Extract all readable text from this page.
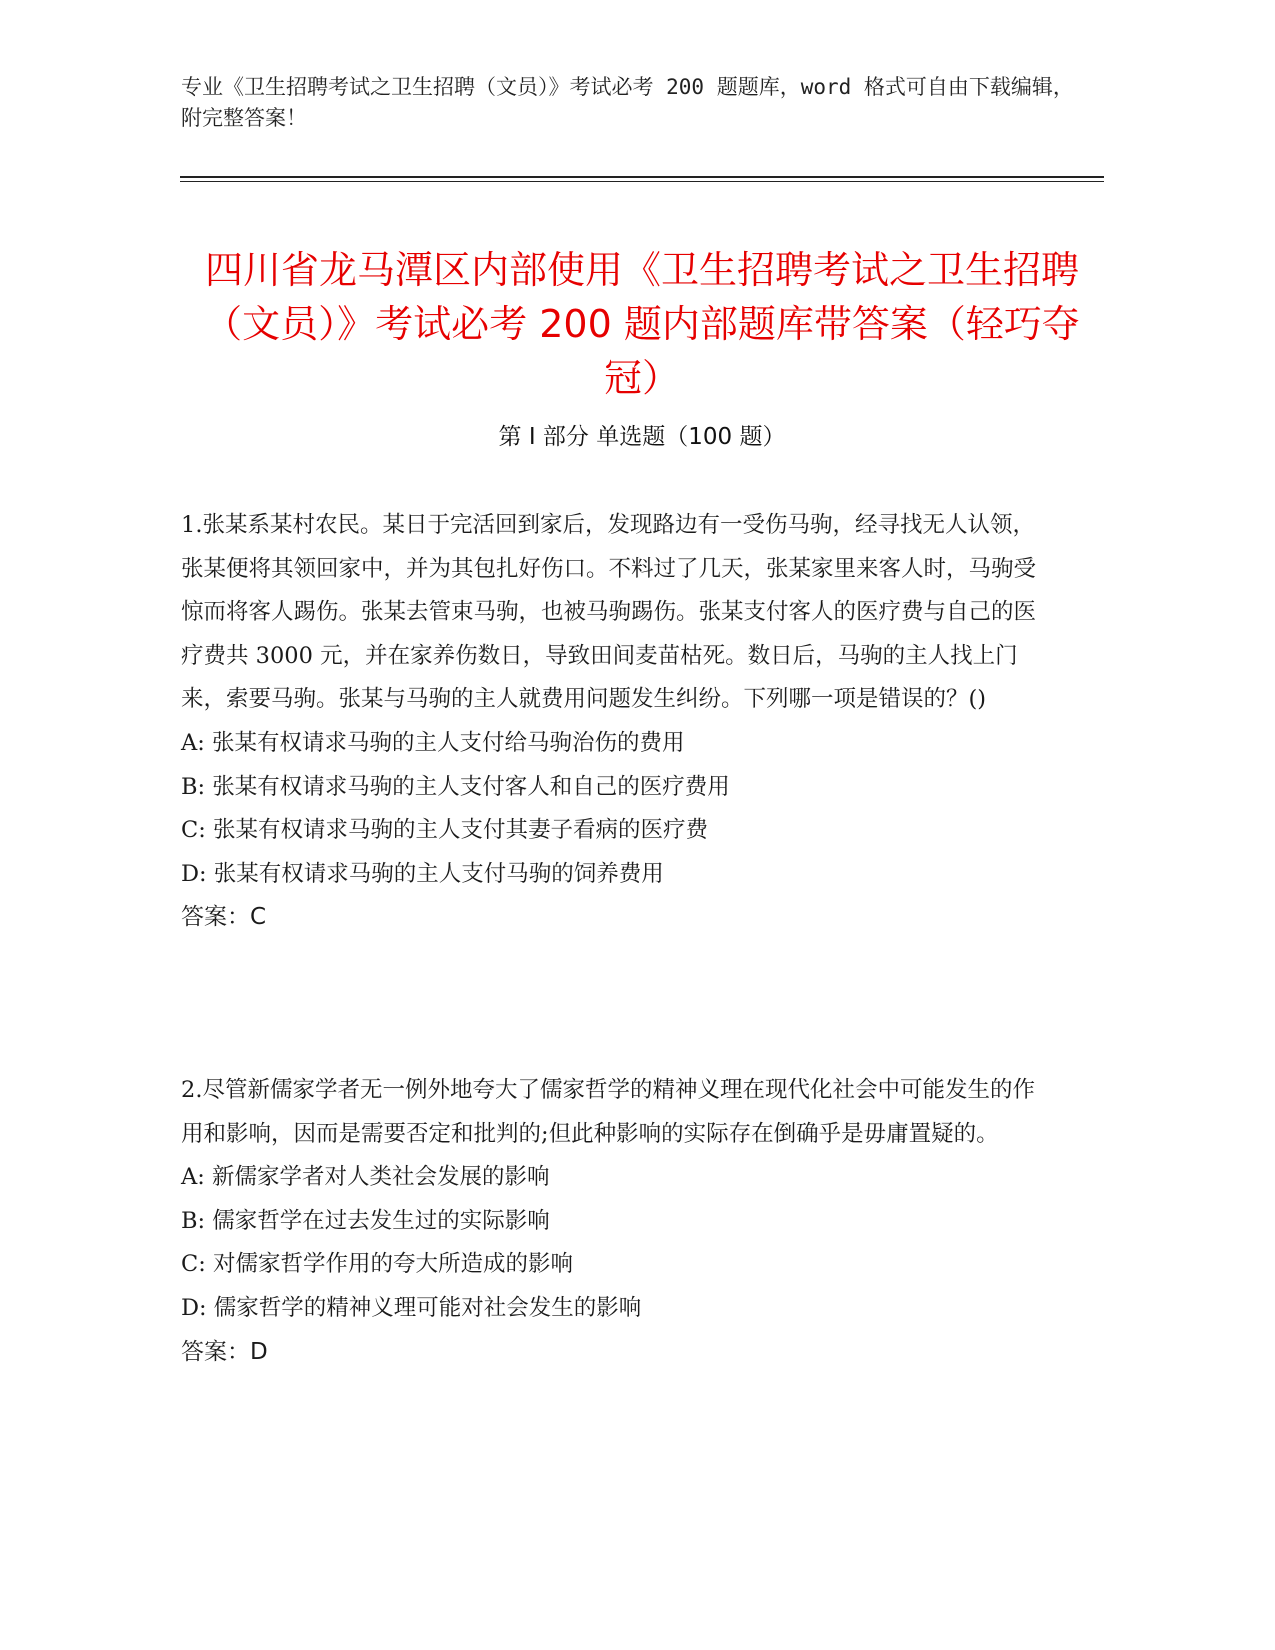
专业《卫生招聘考试之卫生招聘（文员）》考试必考 200 题题库，word 格式可自由下载编辑，附完整答案！
四川省龙马潭区内部使用《卫生招聘考试之卫生招聘（文员）》考试必考 200 题内部题库带答案（轻巧夺冠）
第 I 部分 单选题（100 题）
1.张某系某村农民。某日于完活回到家后，发现路边有一受伤马驹，经寻找无人认领，张某便将其领回家中，并为其包扎好伤口。不料过了几天，张某家里来客人时，马驹受惊而将客人踢伤。张某去管束马驹，也被马驹踢伤。张某支付客人的医疗费与自己的医疗费共 3000 元，并在家养伤数日，导致田间麦苗枯死。数日后，马驹的主人找上门来，索要马驹。张某与马驹的主人就费用问题发生纠纷。下列哪一项是错误的？()
A: 张某有权请求马驹的主人支付给马驹治伤的费用
B: 张某有权请求马驹的主人支付客人和自己的医疗费用
C: 张某有权请求马驹的主人支付其妻子看病的医疗费
D: 张某有权请求马驹的主人支付马驹的饲养费用
答案：C
2.尽管新儒家学者无一例外地夸大了儒家哲学的精神义理在现代化社会中可能发生的作用和影响，因而是需要否定和批判的;但此种影响的实际存在倒确乎是毋庸置疑的。
A: 新儒家学者对人类社会发展的影响
B: 儒家哲学在过去发生过的实际影响
C: 对儒家哲学作用的夸大所造成的影响
D: 儒家哲学的精神义理可能对社会发生的影响
答案：D
